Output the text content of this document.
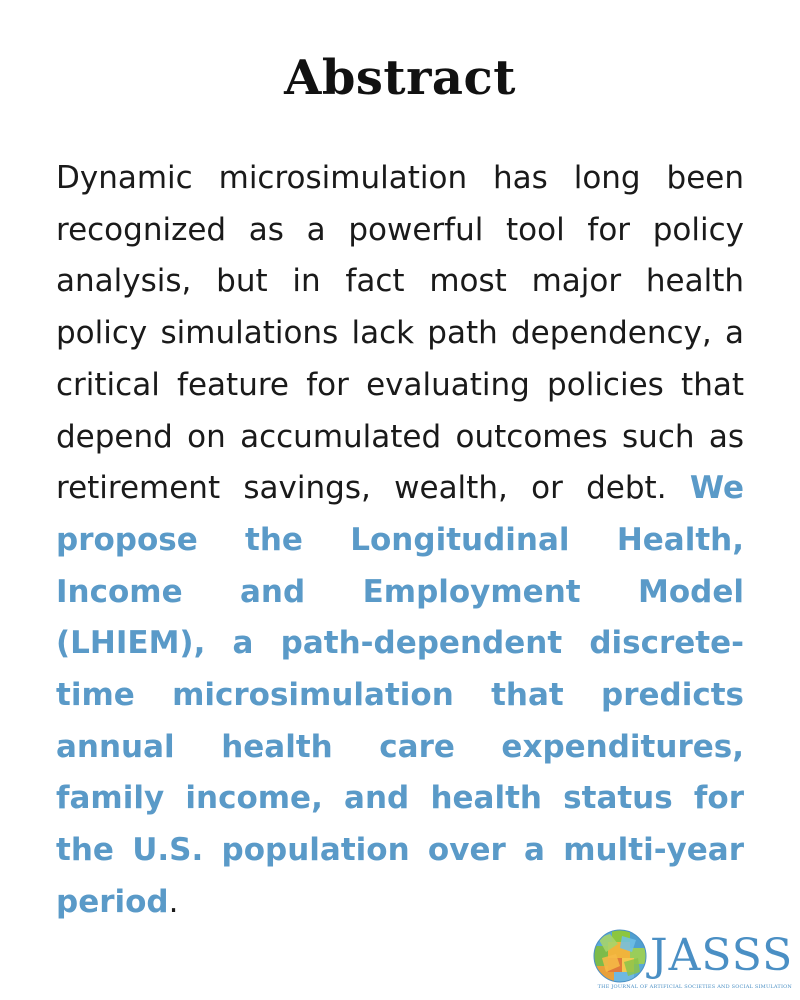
Abstract

Dynamic microsimulation has long been recognized as a powerful tool for policy analysis, but in fact most major health policy simulations lack path dependency, a critical feature for evaluating policies that depend on accumulated outcomes such as retirement savings, wealth, or debt. We propose the Longitudinal Health, Income and Employment Model (LHIEM), a path-dependent discrete-time microsimulation that predicts annual health care expenditures, family income, and health status for the U.S. population over a multi-year period.

JASSS
THE JOURNAL OF ARTIFICIAL SOCIETIES AND SOCIAL SIMULATION
